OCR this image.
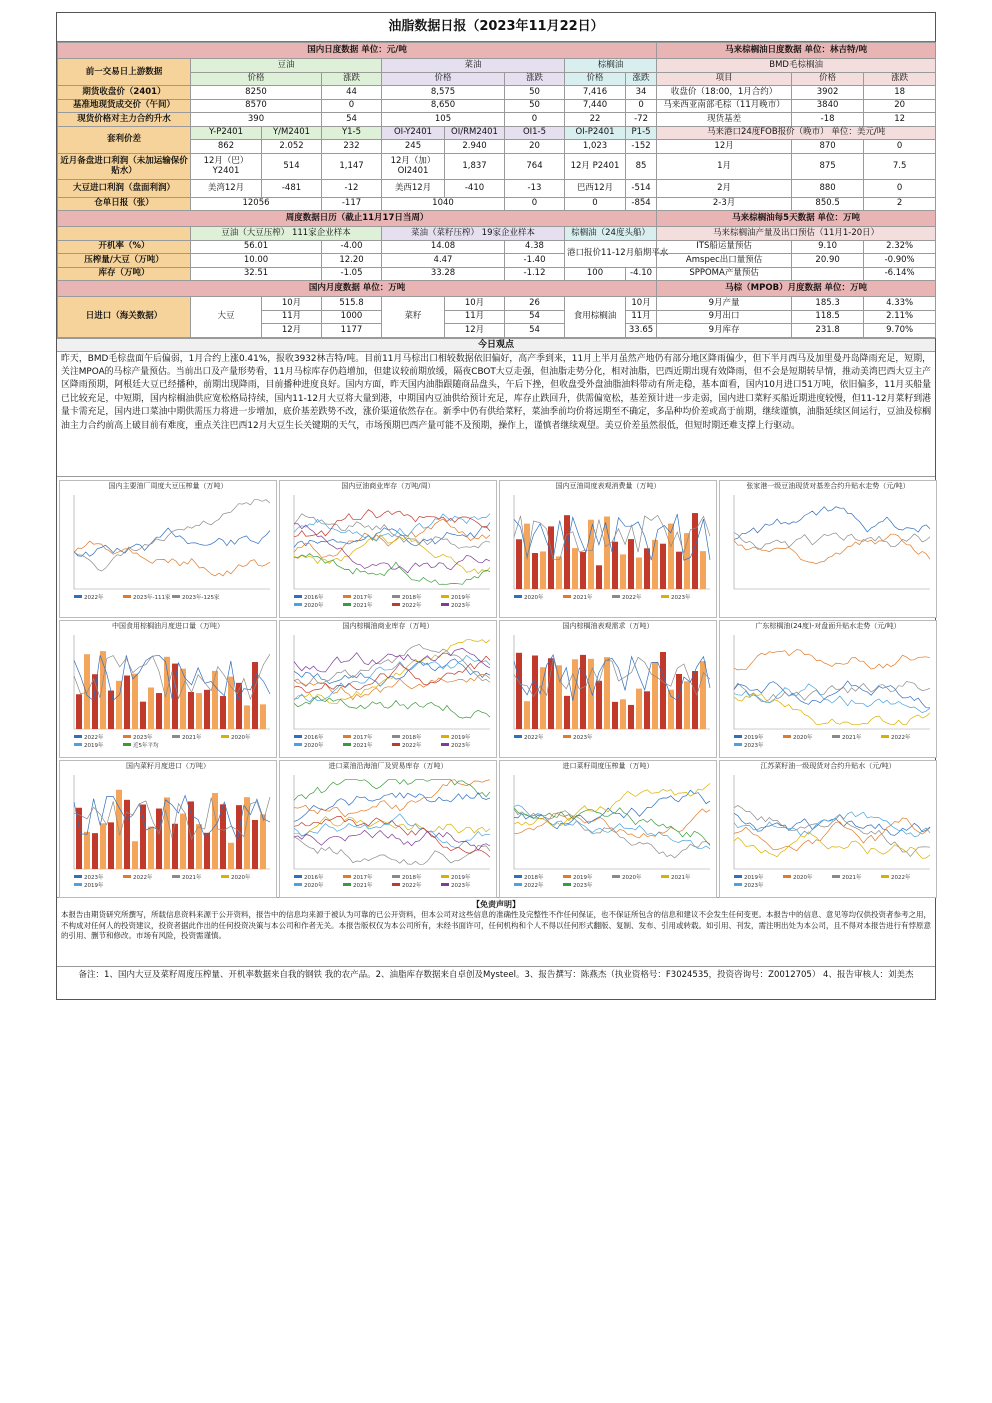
油脂数据日报（2023年11月22日）
国内日度数据 单位：元/吨									马来棕榈油日度数据 单位：林吉特/吨		
前一交易日上游数据	豆油			菜油			棕榈油		BMD毛棕榈油		
	价格		涨跌	价格		涨跌	价格	涨跌	项目	价格	涨跌
期货收盘价（2401）	8250		44	8,575		50	7,416	34	收盘价（18:00，1月合约）	3902	18
基准地现货成交价（午间）	8570		0	8,650		50	7,440	0	马来西亚南部毛棕（11月晚市）	3840	20
现货价格对主力合约升水	390		54	105		0	22	-72	现货基差	-18	12
套利价差	Y-P2401	Y/M2401	Y1-5	OI-Y2401	OI/RM2401	OI1-5	OI-P2401	P1-5	马来港口24度FOB报价（晚市） 单位：美元/吨		
	862	2.052	232	245	2.940	20	1,023	-152	12月	870	0
近月备盘进口利润（未加运输保价贴水）	12月（巴）Y2401	514	1,147	12月（加）OI2401	1,837	764	12月 P2401	85	1月	875	7.5
大豆进口利润（盘面利润）	美湾12月	-481	-12	美西12月	-410	-13	巴西12月	-514	2月	880	0
仓单日报（张）	12056		-117	1040		0	0	-854	2-3月	850.5	2
周度数据日历（截止11月17日当周）									马来棕榈油每5天数据 单位：万吨		
	豆油（大豆压榨） 111家企业样本			菜油（菜籽压榨） 19家企业样本			棕榈油（24度头船）		马来棕榈油产量及出口预估（11月1-20日）		
开机率（%）	56.01		-4.00	14.08		4.38	港口报价11-12月船期平水		ITS船运量预估	9.10	2.32%
压榨量/大豆（万吨）	10.00		12.20	4.47		-1.40			Amspec出口量预估	20.90	-0.90%
库存（万吨）	32.51		-1.05	33.28		-1.12	100	-4.10	SPPOMA产量预估		-6.14%
国内月度数据 单位：万吨									马棕（MPOB）月度数据 单位：万吨		
日进口（海关数据）	大豆	10月	515.8	菜籽	10月	26	食用棕榈油	10月	9月产量	185.3	4.33%
		11月	1000		11月	54		11月	9月出口	118.5	2.11%
		12月	1177		12月	54		33.65	9月库存	231.8	9.70%
今日观点
昨天，BMD毛棕盘面午后偏弱，1月合约上涨0.41%，报收3932林吉特/吨。目前11月马棕出口相较数据依旧偏好，高产季到来，11月上半月虽然产地仍有部分地区降雨偏少，但下半月西马及加里曼丹岛降雨充足，短期，关注MPOA的马棕产量预估。当前出口及产量形势看，11月马棕库存仍趋增加，但建议较前期放缓，隔夜CBOT大豆走强，但油脂走势分化，相对油脂，巴西近期出现有效降雨，但不会是短期转早情，推动美湾巴西大豆主产区降雨预期，阿根廷大豆已经播种，前期出现降雨，目前播种进度良好。国内方面，昨天国内油脂跟随商品盘头，午后下挫，但收盘受外盘油脂油料带动有所走稳，基本面看，国内10月进口51万吨，依旧偏多，11月买船量已比较充足，中短期，国内棕榈油供应宽松格局持续，国内11-12月大豆将大量到港，中期国内豆油供给预计充足，库存止跌回升，供需偏宽松，基差预计进一步走弱，国内进口菜籽买船近期进度较慢，但11-12月菜籽到港量卡需充足，国内进口菜油中期供需压力将进一步增加，底价基差跌势不改，涨价渠道依然存在。新季中仍有供给菜籽，菜油季前均价将远期至不确定，多品种均价差或高于前期，继续谨慎，油脂延续区间运行，豆油及棕榈油主力合约前高上破目前有难度，重点关注巴西12月大豆生长关键期的天气，市场预期巴西产量可能不及预期，操作上，谨慎者继续观望。美豆价差虽然很低，但短时期还难支撑上行驱动。
国内主要油厂周度大豆压榨量（万吨）
2022年	2023年-111家 2023年-125家
国内豆油商业库存（万吨/周）
2016年	2017年	2018年	2019年
2020年	2021年	2022年	2023年
国内豆油周度表观消费量（万吨）
2020年	2021年	2022年	2023年
张家港一级豆油现货对基差合约升贴水走势（元/吨）
中国食用棕榈油月度进口量（万吨）
2022年	2023年	2021年	2020年
2019年	近5年平均
国内棕榈油商业库存（万吨）
2016年	2017年	2018年	2019年
2020年	2021年	2022年	2023年
国内棕榈油表观需求（万吨）
2022年	2023年
广东棕榈油(24度)-对盘面升贴水走势（元/吨）
2019年	2020年	2021年	2022年
2023年
国内菜籽月度进口（万吨）
2023年	2022年	2021年	2020年
2019年
进口菜油沿海油厂及贸易库存（万吨）
2016年	2017年	2018年	2019年
2020年	2021年	2022年	2023年
进口菜籽周度压榨量（万吨）
2018年	2019年	2020年	2021年
2022年	2023年
江苏菜籽油一级现货对合约升贴水（元/吨）
2019年	2020年	2021年	2022年
2023年
【免责声明】
本报告由期货研究所撰写，所载信息资料来源于公开资料，报告中的信息均来源于被认为可靠的已公开资料，但本公司对这些信息的准确性及完整性不作任何保证，也不保证所包含的信息和建议不会发生任何变更。本报告中的信息、意见等均仅供投资者参考之用，不构成对任何人的投资建议，投资者据此作出的任何投资决策与本公司和作者无关。本报告版权仅为本公司所有，未经书面许可，任何机构和个人不得以任何形式翻版、复制、发布、引用或转载。如引用、刊发，需注明出处为本公司，且不得对本报告进行有悖原意的引用、删节和修改。市场有风险，投资需谨慎。
备注：1、国内大豆及菜籽周度压榨量、开机率数据来自我的钢铁 我的农产品。2、油脂库存数据来自卓创及Mysteel。3、报告撰写：陈燕杰（执业资格号：F3024535，投资咨询号：Z0012705） 4、报告审核人：刘美杰
